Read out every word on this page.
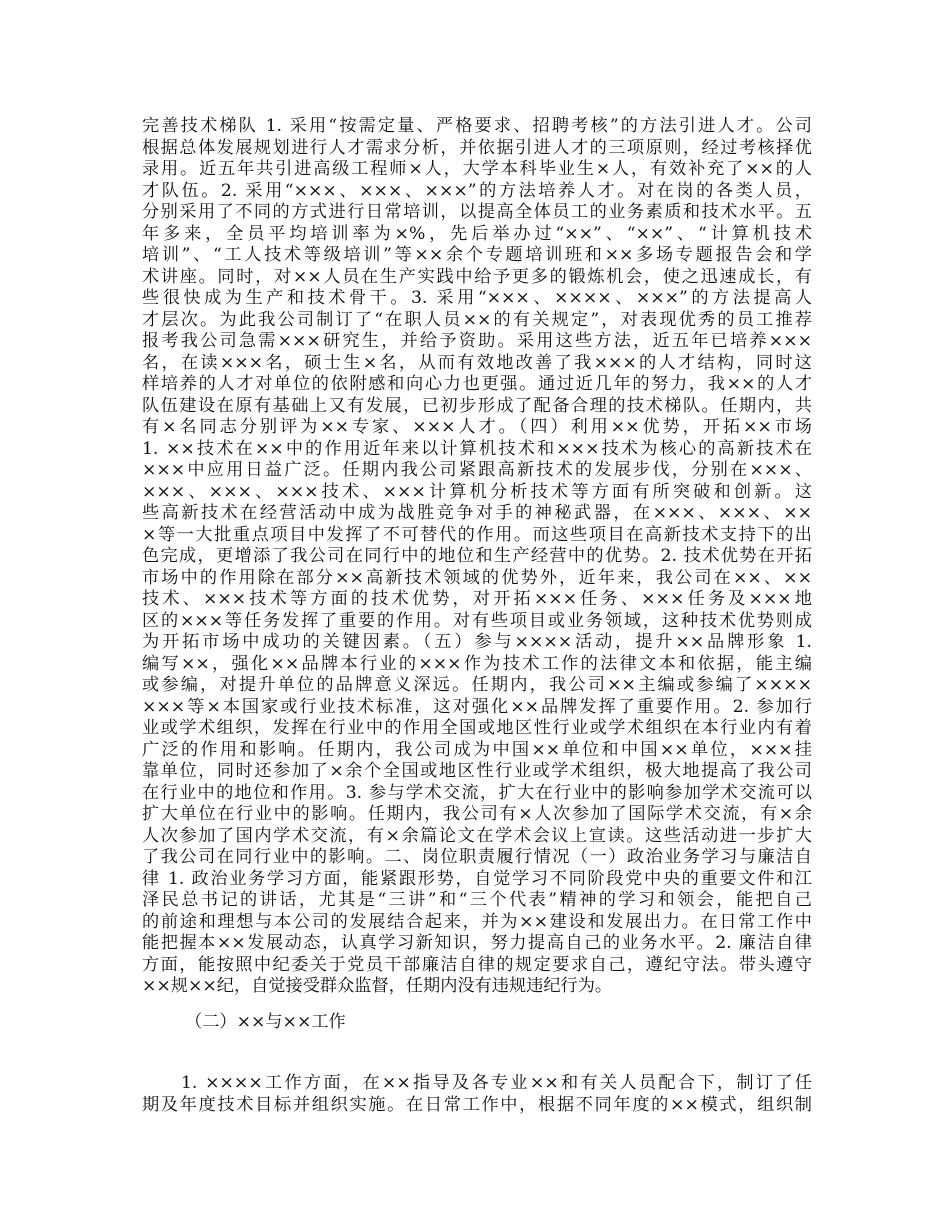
完善技术梯队 1. 采用“按需定量、严格要求、招聘考核”的方法引进人才。公司
根据总体发展规划进行人才需求分析，并依据引进人才的三项原则，经过考核择优
录用。近五年共引进高级工程师×人，大学本科毕业生×人，有效补充了××的人
才队伍。2. 采用“×××、×××、×××”的方法培养人才。对在岗的各类人员，
分别采用了不同的方式进行日常培训，以提高全体员工的业务素质和技术水平。五
年多来，全员平均培训率为×%，先后举办过“××”、“××”、“计算机技术
培训”、“工人技术等级培训”等××余个专题培训班和××多场专题报告会和学
术讲座。同时，对××人员在生产实践中给予更多的锻炼机会，使之迅速成长，有
些很快成为生产和技术骨干。3. 采用“×××、××××、×××”的方法提高人
才层次。为此我公司制订了“在职人员××的有关规定”，对表现优秀的员工推荐
报考我公司急需×××研究生，并给予资助。采用这些方法，近五年已培养×××
名，在读×××名，硕士生×名，从而有效地改善了我×××的人才结构，同时这
样培养的人才对单位的依附感和向心力也更强。通过近几年的努力，我××的人才
队伍建设在原有基础上又有发展，已初步形成了配备合理的技术梯队。任期内，共
有×名同志分别评为××专家、×××人才。（四）利用××优势，开拓××市场
1. ××技术在××中的作用近年来以计算机技术和×××技术为核心的高新技术在
×××中应用日益广泛。任期内我公司紧跟高新技术的发展步伐，分别在×××、
×××、×××、×××技术、×××计算机分析技术等方面有所突破和创新。这
些高新技术在经营活动中成为战胜竞争对手的神秘武器，在×××、×××、××
×等一大批重点项目中发挥了不可替代的作用。而这些项目在高新技术支持下的出
色完成，更增添了我公司在同行中的地位和生产经营中的优势。2. 技术优势在开拓
市场中的作用除在部分××高新技术领域的优势外，近年来，我公司在××、××
技术、×××技术等方面的技术优势，对开拓×××任务、×××任务及×××地
区的×××等任务发挥了重要的作用。对有些项目或业务领域，这种技术优势则成
为开拓市场中成功的关键因素。（五）参与××××活动，提升××品牌形象 1.
编写××，强化××品牌本行业的×××作为技术工作的法律文本和依据，能主编
或参编，对提升单位的品牌意义深远。任期内，我公司××主编或参编了××××
×××等×本国家或行业技术标准，这对强化××品牌发挥了重要作用。2. 参加行
业或学术组织，发挥在行业中的作用全国或地区性行业或学术组织在本行业内有着
广泛的作用和影响。任期内，我公司成为中国××单位和中国××单位，×××挂
靠单位，同时还参加了×余个全国或地区性行业或学术组织，极大地提高了我公司
在行业中的地位和作用。3. 参与学术交流，扩大在行业中的影响参加学术交流可以
扩大单位在行业中的影响。任期内，我公司有×人次参加了国际学术交流，有×余
人次参加了国内学术交流，有×余篇论文在学术会议上宣读。这些活动进一步扩大
了我公司在同行业中的影响。二、岗位职责履行情况（一）政治业务学习与廉洁自
律 1. 政治业务学习方面，能紧跟形势，自觉学习不同阶段党中央的重要文件和江
泽民总书记的讲话，尤其是“三讲”和“三个代表”精神的学习和领会，能把自己
的前途和理想与本公司的发展结合起来，并为××建设和发展出力。在日常工作中
能把握本××发展动态，认真学习新知识，努力提高自己的业务水平。2. 廉洁自律
方面，能按照中纪委关于党员干部廉洁自律的规定要求自己，遵纪守法。带头遵守
××规××纪，自觉接受群众监督，任期内没有违规违纪行为。
（二）××与××工作
　　1. ××××工作方面，在××指导及各专业××和有关人员配合下，制订了任
期及年度技术目标并组织实施。在日常工作中，根据不同年度的××模式，组织制
